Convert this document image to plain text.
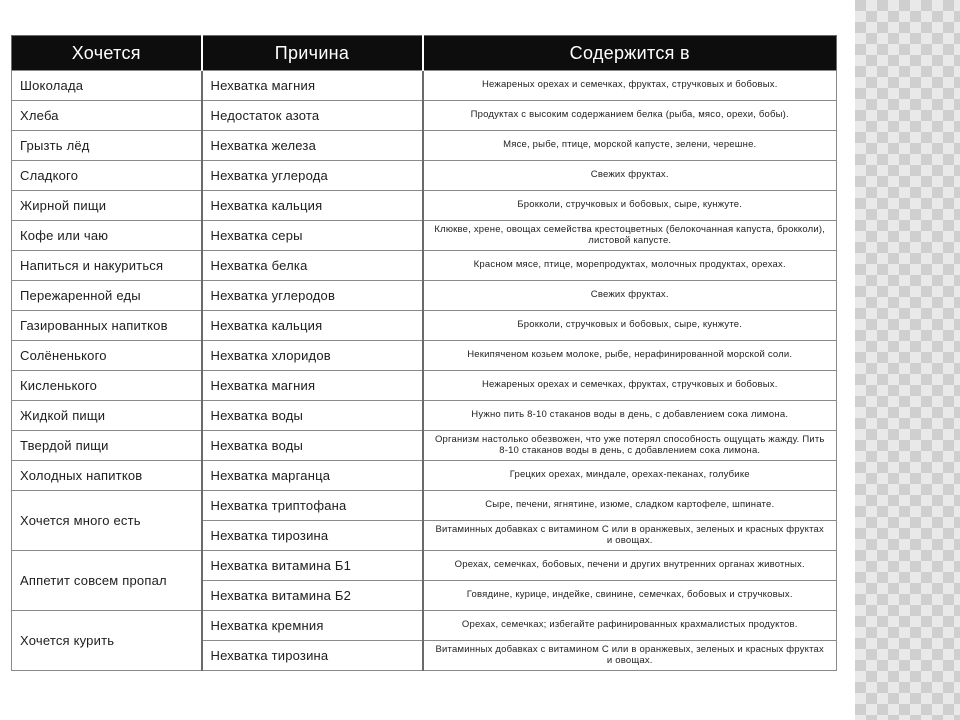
Хочется	Причина	Содержится в
Шоколада	Нехватка магния	Нежареных орехах и семечках, фруктах, стручковых и бобовых.
Хлеба	Недостаток азота	Продуктах с высоким содержанием белка (рыба, мясо, орехи, бобы).
Грызть лёд	Нехватка железа	Мясе, рыбе, птице, морской капусте, зелени, черешне.
Сладкого	Нехватка углерода	Свежих фруктах.
Жирной пищи	Нехватка кальция	Брокколи, стручковых и бобовых, сыре, кунжуте.
Кофе или чаю	Нехватка серы	Клюкве, хрене, овощах семейства крестоцветных (белокочанная капуста, брокколи), листовой капусте.
Напиться и накуриться	Нехватка белка	Красном мясе, птице, морепродуктах, молочных продуктах, орехах.
Пережаренной еды	Нехватка углеродов	Свежих фруктах.
Газированных напитков	Нехватка кальция	Брокколи, стручковых и бобовых, сыре, кунжуте.
Солёненького	Нехватка хлоридов	Некипяченом козьем молоке, рыбе, нерафинированной морской соли.
Кисленького	Нехватка магния	Нежареных орехах и семечках, фруктах, стручковых и бобовых.
Жидкой пищи	Нехватка воды	Нужно пить 8-10 стаканов воды в день, с добавлением сока лимона.
Твердой пищи	Нехватка воды	Организм настолько обезвожен, что уже потерял способность ощущать жажду. Пить 8-10 стаканов воды в день, с добавлением сока лимона.
Холодных напитков	Нехватка марганца	Грецких орехах, миндале, орехах-пеканах, голубике
Хочется много есть	Нехватка триптофана	Сыре, печени, ягнятине, изюме, сладком картофеле, шпинате.
	Нехватка тирозина	Витаминных добавках с витамином С или в оранжевых, зеленых и красных фруктах и овощах.
Аппетит совсем пропал	Нехватка витамина Б1	Орехах, семечках, бобовых, печени и других внутренних органах животных.
	Нехватка витамина Б2	Говядине, курице, индейке, свинине, семечках, бобовых и стручковых.
Хочется курить	Нехватка кремния	Орехах, семечках; избегайте рафинированных крахмалистых продуктов.
	Нехватка тирозина	Витаминных добавках с витамином С или в оранжевых, зеленых и красных фруктах и овощах.
